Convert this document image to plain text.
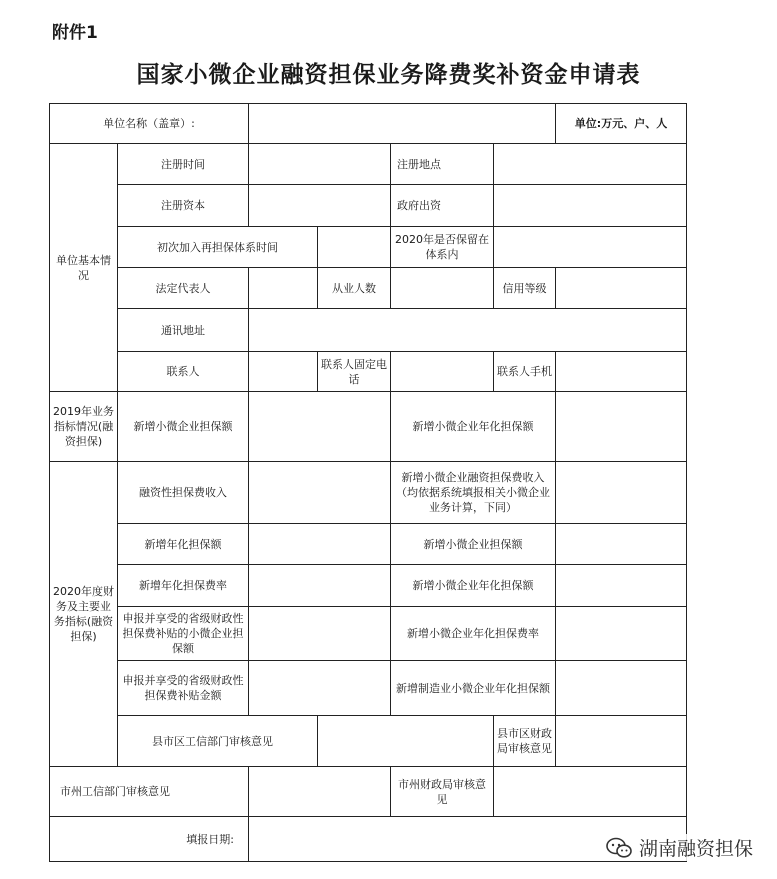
附件1
国家小微企业融资担保业务降费奖补资金申请表
单位名称（盖章）:						单位:万元、户、人
单位基本情况	注册时间			注册地点		
	注册资本			政府出资		
	初次加入再担保体系时间			2020年是否保留在体系内		
	法定代表人		从业人数		信用等级	
	通讯地址					
	联系人		联系人固定电话		联系人手机	
2019年业务指标情况(融资担保)	新增小微企业担保额			新增小微企业年化担保额		
2020年度财务及主要业务指标(融资担保)	融资性担保费收入			新增小微企业融资担保费收入（均依据系统填报相关小微企业业务计算，下同）		
	新增年化担保额			新增小微企业担保额		
	新增年化担保费率			新增小微企业年化担保额		
	申报并享受的省级财政性担保费补贴的小微企业担保额			新增小微企业年化担保费率		
	申报并享受的省级财政性担保费补贴金额			新增制造业小微企业年化担保额		
	县市区工信部门审核意见				县市区财政局审核意见	
市州工信部门审核意见				市州财政局审核意见		
填报日期:							湖南融资担保
